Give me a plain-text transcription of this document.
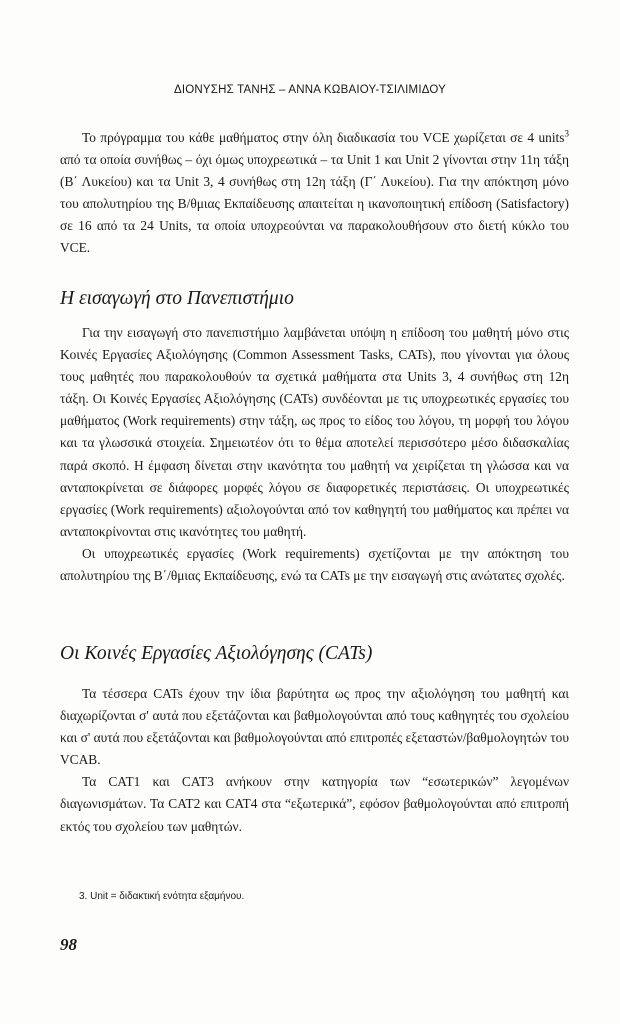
ΔΙΟΝΥΣΗΣ ΤΑΝΗΣ – ΑΝΝΑ ΚΩΒΑΙΟΥ-ΤΣΙΛΙΜΙΔΟΥ

Το πρόγραμμα του κάθε μαθήματος στην όλη διαδικασία του VCE χωρίζεται σε 4 units$^3$ από τα οποία συνήθως – όχι όμως υποχρεωτικά – τα Unit 1 και Unit 2 γίνονται στην 11η τάξη (Β΄ Λυκείου) και τα Unit 3, 4 συνήθως στη 12η τάξη (Γ΄ Λυκείου). Για την απόκτηση μόνο του απολυτηρίου της Β/θμιας Εκπαίδευσης απαιτείται η ικανοποιητική επίδοση (Satisfactory) σε 16 από τα 24 Units, τα οποία υποχρεούνται να παρακολουθήσουν στο διετή κύκλο του VCE.

Η εισαγωγή στο Πανεπιστήμιο

Για την εισαγωγή στο πανεπιστήμιο λαμβάνεται υπόψη η επίδοση του μαθητή μόνο στις Κοινές Εργασίες Αξιολόγησης (Common Assessment Tasks, CATs), που γίνονται για όλους τους μαθητές που παρακολουθούν τα σχετικά μαθήματα στα Units 3, 4 συνήθως στη 12η τάξη. Οι Κοινές Εργασίες Αξιολόγησης (CATs) συνδέονται με τις υποχρεωτικές εργασίες του μαθήματος (Work requirements) στην τάξη, ως προς το είδος του λόγου, τη μορφή του λόγου και τα γλωσσικά στοιχεία. Σημειωτέον ότι το θέμα αποτελεί περισσότερο μέσο διδασκαλίας παρά σκοπό. Η έμφαση δίνεται στην ικανότητα του μαθητή να χειρίζεται τη γλώσσα και να ανταποκρίνεται σε διάφορες μορφές λόγου σε διαφορετικές περιστάσεις. Οι υποχρεωτικές εργασίες (Work requirements) αξιολογούνται από τον καθηγητή του μαθήματος και πρέπει να ανταποκρίνονται στις ικανότητες του μαθητή.

Οι υποχρεωτικές εργασίες (Work requirements) σχετίζονται με την απόκτηση του απολυτηρίου της Β΄/θμιας Εκπαίδευσης, ενώ τα CATs με την εισαγωγή στις ανώτατες σχολές.

Οι Κοινές Εργασίες Αξιολόγησης (CATs)

Τα τέσσερα CATs έχουν την ίδια βαρύτητα ως προς την αξιολόγηση του μαθητή και διαχωρίζονται σ' αυτά που εξετάζονται και βαθμολογούνται από τους καθηγητές του σχολείου και σ' αυτά που εξετάζονται και βαθμολογούνται από επιτροπές εξεταστών/βαθμολογητών του VCAB.

Τα CAT1 και CAT3 ανήκουν στην κατηγορία των “εσωτερικών” λεγομένων διαγωνισμάτων. Τα CAT2 και CAT4 στα “εξωτερικά”, εφόσον βαθμολογούνται από επιτροπή εκτός του σχολείου των μαθητών.

3. Unit = διδακτική ενότητα εξαμήνου.
98
